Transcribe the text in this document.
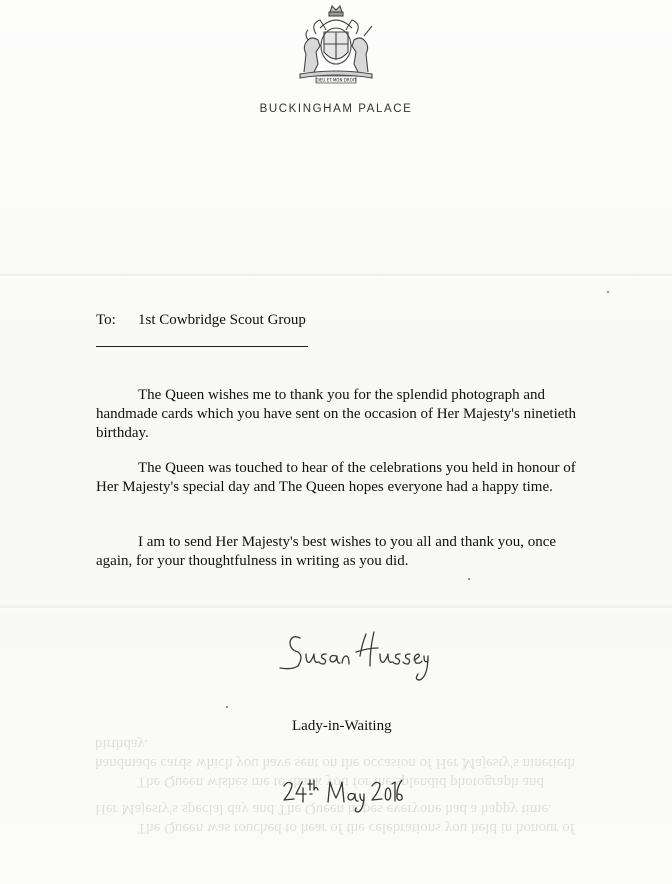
DIEU ET MON DROIT
BUCKINGHAM PALACE
To: 1st Cowbridge Scout Group

The Queen wishes me to thank you for the splendid photograph and handmade cards which you have sent on the occasion of Her Majesty's ninetieth birthday.

The Queen was touched to hear of the celebrations you held in honour of Her Majesty's special day and The Queen hopes everyone had a happy time.

I am to send Her Majesty's best wishes to you all and thank you, once again, for your thoughtfulness in writing as you did.

The Queen was touched to hear of the celebrations you held in honour of Her Majesty's special day and The Queen hopes everyone had a happy time.

The Queen wishes me to thank you for the splendid photograph and handmade cards which you have sent on the occasion of Her Majesty's ninetieth birthday.

Lady-in-Waiting
